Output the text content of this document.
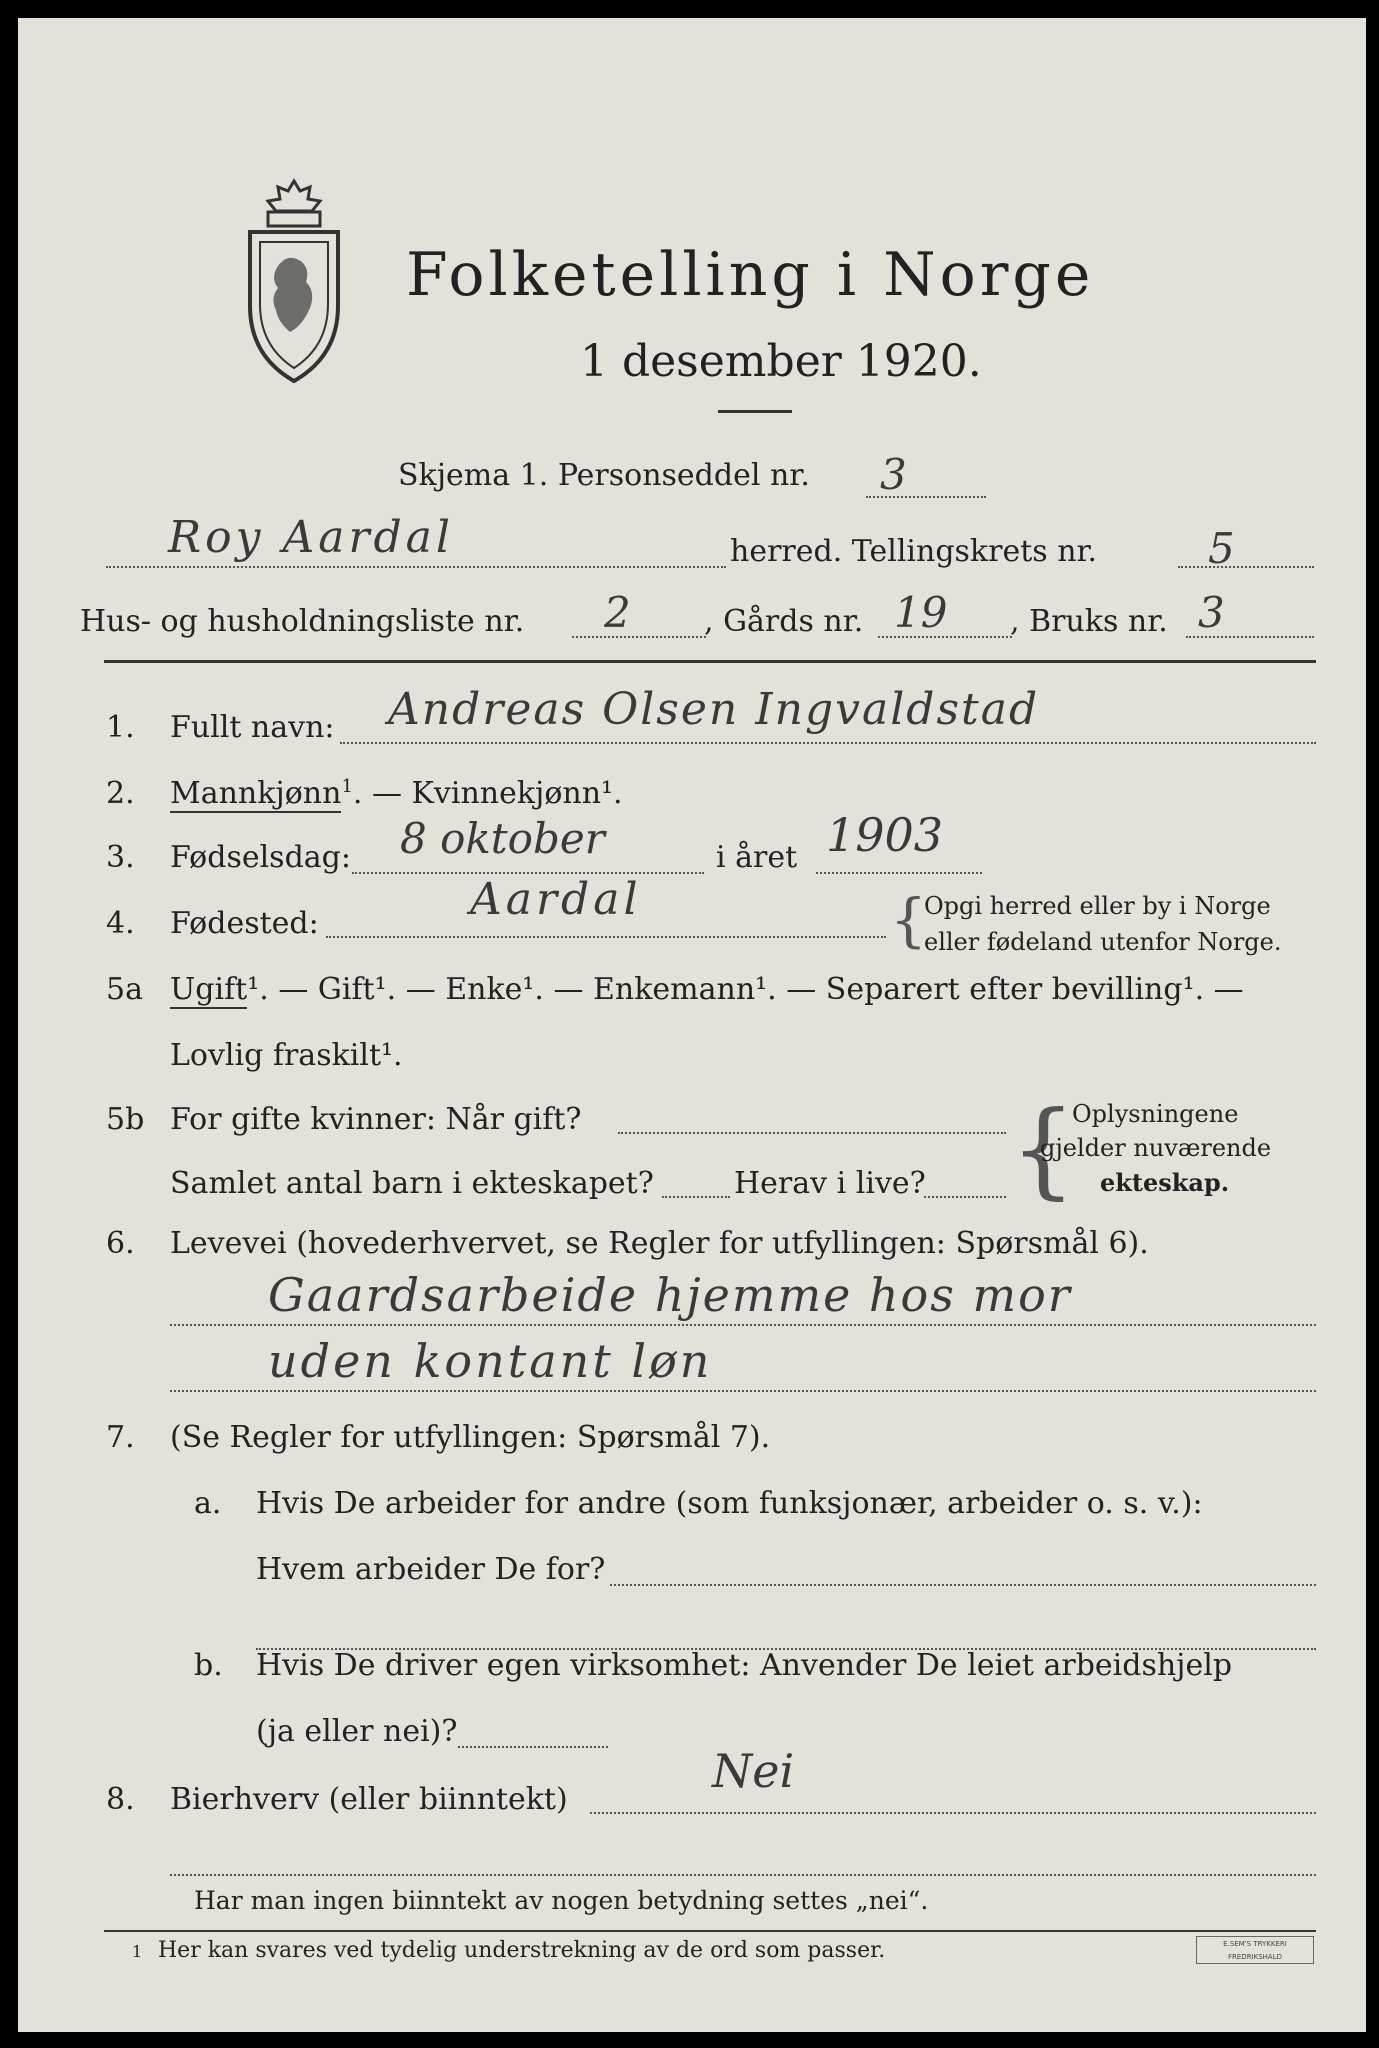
Folketelling i Norge
1 desember 1920.
Skjema 1. Personseddel nr. 3
Roy Aardal	herred. Tellingskrets nr.	5
Hus- og husholdningsliste nr. 2 , Gårds nr. 19 , Bruks nr. 3
1. Fullt navn: Andreas Olsen Ingvaldstad
2. Mannkjønn$^1$. — Kvinnekjønn¹.
3. Fødselsdag: 8 oktober	i året 1903
4. Fødested:	Aardal	{
Opgi herred eller by i Norge
eller fødeland utenfor Norge.
5a Ugift¹. — Gift¹. — Enke¹. — Enkemann¹. — Separert efter bevilling¹. —
Lovlig fraskilt¹.
5b For gifte kvinner: Når gift?
Samlet antal barn i ekteskapet?	Herav i live? {
Oplysningene
gjelder nuværende
ekteskap.
6. Levevei (hovederhvervet, se Regler for utfyllingen: Spørsmål 6).
Gaardsarbeide hjemme hos mor
uden kontant løn
7. (Se Regler for utfyllingen: Spørsmål 7).
a. Hvis De arbeider for andre (som funksjonær, arbeider o. s. v.):
Hvem arbeider De for?
b. Hvis De driver egen virksomhet: Anvender De leiet arbeidshjelp
(ja eller nei)?
8. Bierhverv (eller biinntekt)
Nei
Har man ingen biinntekt av nogen betydning settes „nei“.
1 Her kan svares ved tydelig understrekning av de ord som passer.	E.SEM'S TRYKKERI FREDRIKSHALD
